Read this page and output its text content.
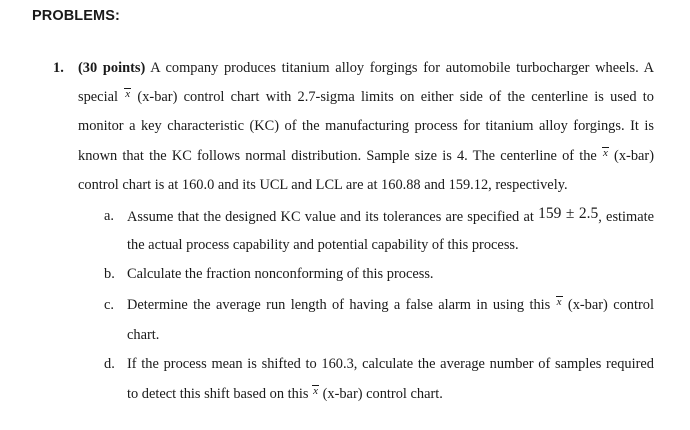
PROBLEMS:
1. (30 points) A company produces titanium alloy forgings for automobile turbocharger wheels. A
special x (x-bar) control chart with 2.7-sigma limits on either side of the centerline is used to
monitor a key characteristic (KC) of the manufacturing process for titanium alloy forgings. It is
known that the KC follows normal distribution. Sample size is 4. The centerline of the x (x-bar)
control chart is at 160.0 and its UCL and LCL are at 160.88 and 159.12, respectively.
a. Assume that the designed KC value and its tolerances are specified at 159 ± 2.5, estimate
the actual process capability and potential capability of this process.
b. Calculate the fraction nonconforming of this process.
c. Determine the average run length of having a false alarm in using this x (x-bar) control
chart.
d. If the process mean is shifted to 160.3, calculate the average number of samples required
to detect this shift based on this x (x-bar) control chart.
